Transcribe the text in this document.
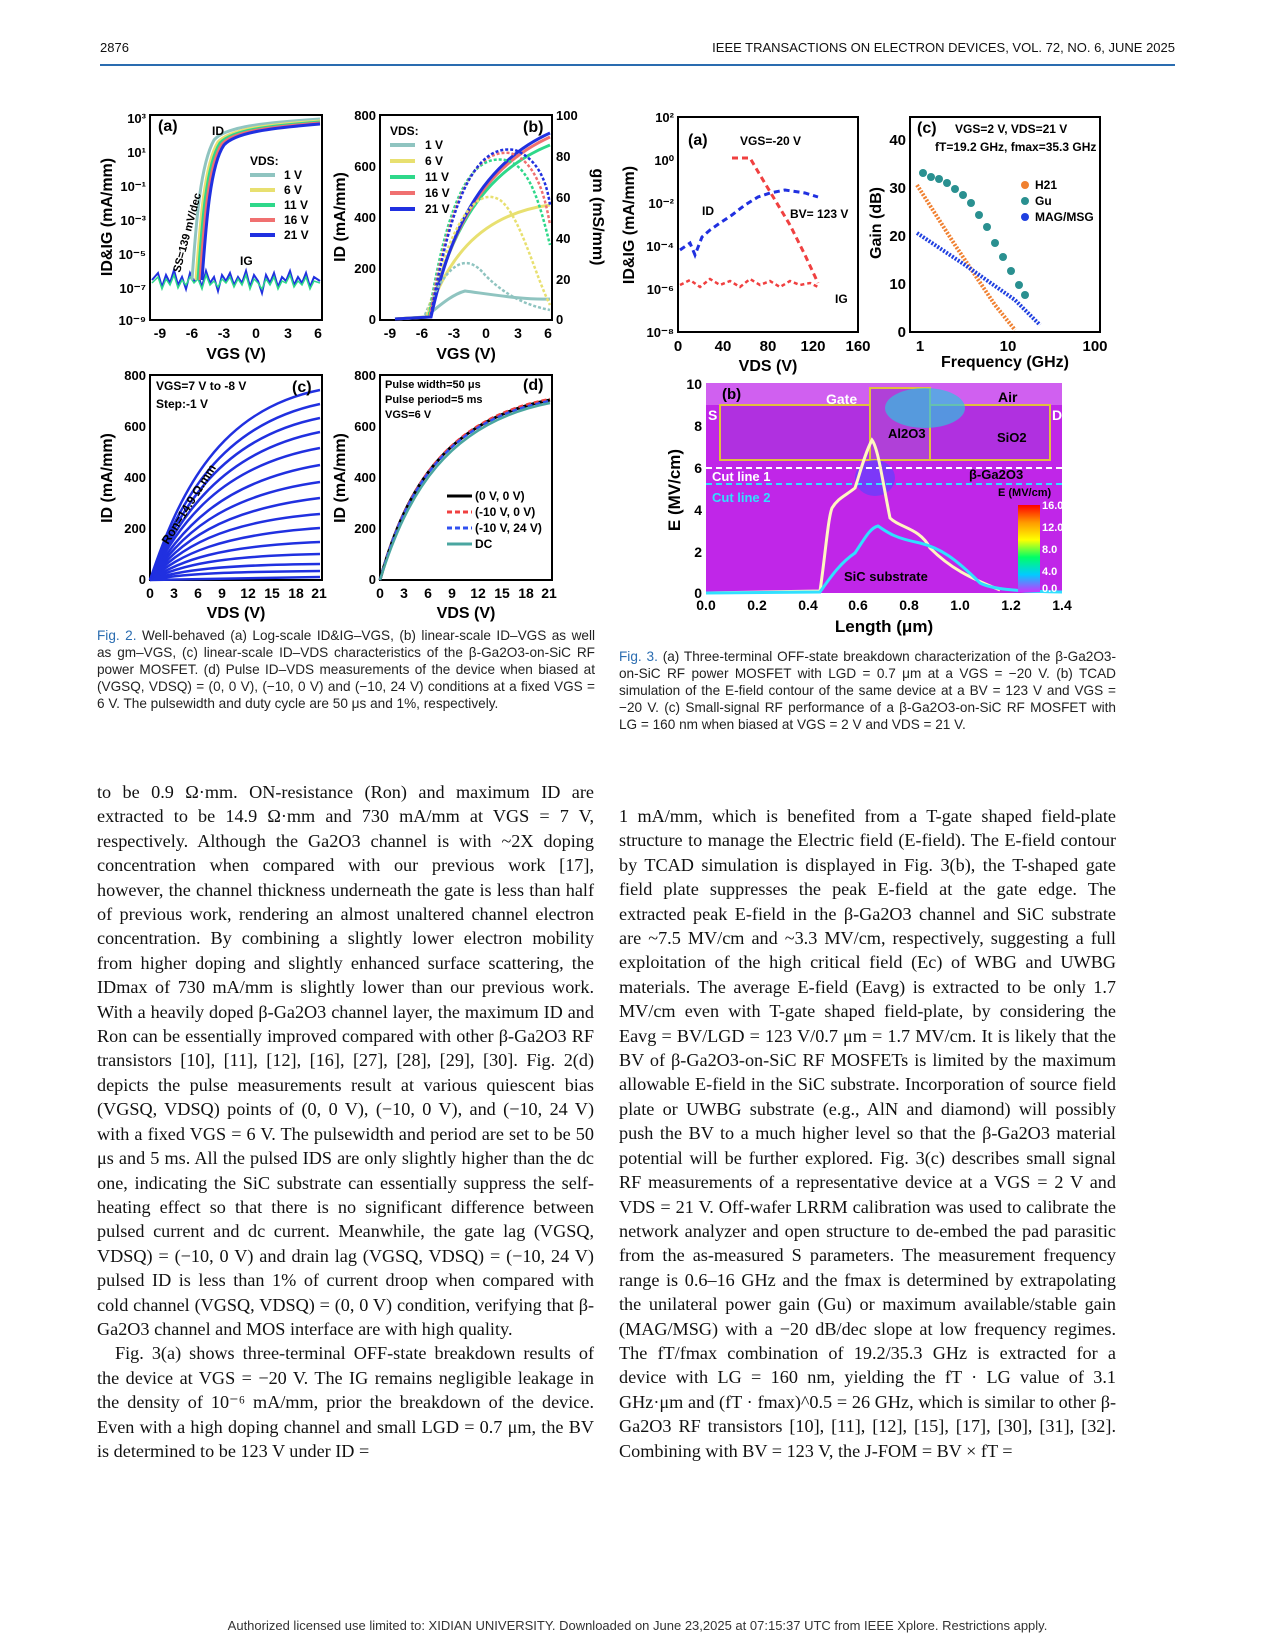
2876	IEEE TRANSACTIONS ON ELECTRON DEVICES, VOL. 72, NO. 6, JUNE 2025
10³
10¹
10⁻¹
10⁻³
10⁻⁵
10⁻⁷
10⁻⁹
-9 -6 -3 0 3 6
VGS (V)
ID&IG (mA/mm)
(a)	ID
IG
SS=139 mV/dec
VDS:
1 V
6 V
11 V
16 V
21 V
800
600
400
200
0
100
80
60
40
20
0
-9 -6 -3 0 3 6
VGS (V)
ID (mA/mm)	gm (mS/mm)
(b)
VDS:
1 V
6 V
11 V
16 V
21 V
800
600
400
200
0
0 3 6 9 12 15 18 21
VDS (V)
ID (mA/mm)
(c)
VGS=7 V to -8 V
Step:-1 V
Ron=14.9 Ω.mm
800
600
400
200
0
0 3 6 9 12 15 18 21
VDS (V)
ID (mA/mm)
(d)
Pulse width=50 μs
Pulse period=5 ms
VGS=6 V
(0 V, 0 V)
(-10 V, 0 V)
(-10 V, 24 V)
DC
Fig. 2. Well-behaved (a) Log-scale ID&IG–VGS, (b) linear-scale ID–VGS as well as gm–VGS, (c) linear-scale ID–VDS characteristics of the β-Ga2O3-on-SiC RF power MOSFET. (d) Pulse ID–VDS measurements of the device when biased at (VGSQ, VDSQ) = (0, 0 V), (−10, 0 V) and (−10, 24 V) conditions at a fixed VGS = 6 V. The pulsewidth and duty cycle are 50 μs and 1%, respectively.
10²
10⁰
10⁻²
10⁻⁴
10⁻⁶
10⁻⁸
0 40 80 120 160
VDS (V)
ID&IG (mA/mm)
(a)	VGS=-20 V
ID
IG
BV= 123 V
40
30
20
10
0
1	10	100
Frequency (GHz)
Gain (dB)
(c) VGS=2 V, VDS=21 V
fT=19.2 GHz, fmax=35.3 GHz
H21
Gu
MAG/MSG
16.0
12.0
8.0
4.0
0.0
10
8
6
4
2
0
0.0 0.2 0.4 0.6 0.8 1.0 1.2 1.4
Length (μm)
E (MV/cm)
(b)	Gate	Air
S	D
Al2O3	SiO2
β-Ga2O3
Cut line 1
Cut line 2	E (MV/cm)
SiC substrate
Fig. 3. (a) Three-terminal OFF-state breakdown characterization of the β-Ga2O3-on-SiC RF power MOSFET with LGD = 0.7 μm at a VGS = −20 V. (b) TCAD simulation of the E-field contour of the same device at a BV = 123 V and VGS = −20 V. (c) Small-signal RF performance of a β-Ga2O3-on-SiC RF MOSFET with LG = 160 nm when biased at VGS = 2 V and VDS = 21 V.

to be 0.9 Ω·mm. ON-resistance (Ron) and maximum ID are extracted to be 14.9 Ω·mm and 730 mA/mm at VGS = 7 V, respectively. Although the Ga2O3 channel is with ~2X doping concentration when compared with our previous work [17], however, the channel thickness underneath the gate is less than half of previous work, rendering an almost unaltered channel electron concentration. By combining a slightly lower electron mobility from higher doping and slightly enhanced surface scattering, the IDmax of 730 mA/mm is slightly lower than our previous work. With a heavily doped β-Ga2O3 channel layer, the maximum ID and Ron can be essentially improved compared with other β-Ga2O3 RF transistors [10], [11], [12], [16], [27], [28], [29], [30]. Fig. 2(d) depicts the pulse measurements result at various quiescent bias (VGSQ, VDSQ) points of (0, 0 V), (−10, 0 V), and (−10, 24 V) with a fixed VGS = 6 V. The pulsewidth and period are set to be 50 μs and 5 ms. All the pulsed IDS are only slightly higher than the dc one, indicating the SiC substrate can essentially suppress the self-heating effect so that there is no significant difference between pulsed current and dc current. Meanwhile, the gate lag (VGSQ, VDSQ) = (−10, 0 V) and drain lag (VGSQ, VDSQ) = (−10, 24 V) pulsed ID is less than 1% of current droop when compared with cold channel (VGSQ, VDSQ) = (0, 0 V) condition, verifying that β-Ga2O3 channel and MOS interface are with high quality.

Fig. 3(a) shows three-terminal OFF-state breakdown results of the device at VGS = −20 V. The IG remains negligible leakage in the density of 10⁻⁶ mA/mm, prior the breakdown of the device. Even with a high doping channel and small LGD = 0.7 μm, the BV is determined to be 123 V under ID =

1 mA/mm, which is benefited from a T-gate shaped field-plate structure to manage the Electric field (E-field). The E-field contour by TCAD simulation is displayed in Fig. 3(b), the T-shaped gate field plate suppresses the peak E-field at the gate edge. The extracted peak E-field in the β-Ga2O3 channel and SiC substrate are ~7.5 MV/cm and ~3.3 MV/cm, respectively, suggesting a full exploitation of the high critical field (Ec) of WBG and UWBG materials. The average E-field (Eavg) is extracted to be only 1.7 MV/cm even with T-gate shaped field-plate, by considering the Eavg = BV/LGD = 123 V/0.7 μm = 1.7 MV/cm. It is likely that the BV of β-Ga2O3-on-SiC RF MOSFETs is limited by the maximum allowable E-field in the SiC substrate. Incorporation of source field plate or UWBG substrate (e.g., AlN and diamond) will possibly push the BV to a much higher level so that the β-Ga2O3 material potential will be further explored. Fig. 3(c) describes small signal RF measurements of a representative device at a VGS = 2 V and VDS = 21 V. Off-wafer LRRM calibration was used to calibrate the network analyzer and open structure to de-embed the pad parasitic from the as-measured S parameters. The measurement frequency range is 0.6–16 GHz and the fmax is determined by extrapolating the unilateral power gain (Gu) or maximum available/stable gain (MAG/MSG) with a −20 dB/dec slope at low frequency regimes. The fT/fmax combination of 19.2/35.3 GHz is extracted for a device with LG = 160 nm, yielding the fT · LG value of 3.1 GHz·μm and (fT · fmax)^0.5 = 26 GHz, which is similar to other β-Ga2O3 RF transistors [10], [11], [12], [15], [17], [30], [31], [32]. Combining with BV = 123 V, the J-FOM = BV × fT =

Authorized licensed use limited to: XIDIAN UNIVERSITY. Downloaded on June 23,2025 at 07:15:37 UTC from IEEE Xplore. Restrictions apply.
